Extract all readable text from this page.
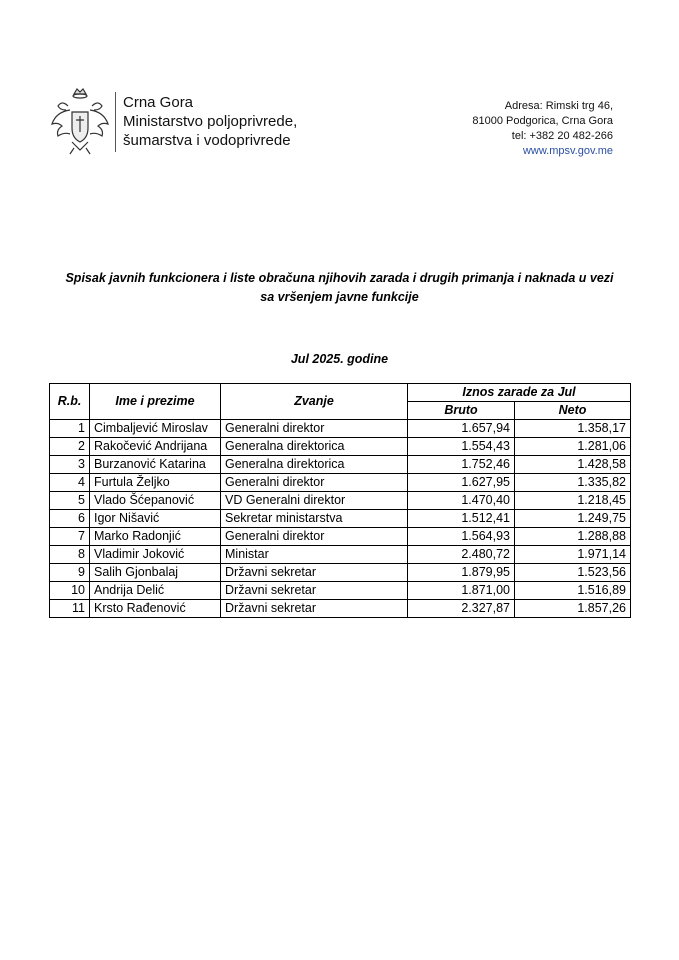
Crna Gora
Ministarstvo poljoprivrede,
šumarstva i vodoprivrede
Adresa: Rimski trg 46,
81000 Podgorica, Crna Gora
tel: +382 20 482-266
www.mpsv.gov.me
Spisak javnih funkcionera i liste obračuna njihovih zarada i drugih primanja i naknada u vezi
sa vršenjem javne funkcije
Jul 2025. godine
R.b.	Ime i prezime	Zvanje	Iznos zarade za Jul	
			Bruto	Neto
1	Cimbaljević Miroslav	Generalni direktor	1.657,94	1.358,17
2	Rakočević Andrijana	Generalna direktorica	1.554,43	1.281,06
3	Burzanović Katarina	Generalna direktorica	1.752,46	1.428,58
4	Furtula Željko	Generalni direktor	1.627,95	1.335,82
5	Vlado Šćepanović	VD Generalni direktor	1.470,40	1.218,45
6	Igor Nišavić	Sekretar ministarstva	1.512,41	1.249,75
7	Marko Radonjić	Generalni direktor	1.564,93	1.288,88
8	Vladimir Joković	Ministar	2.480,72	1.971,14
9	Salih Gjonbalaj	Državni sekretar	1.879,95	1.523,56
10	Andrija Delić	Državni sekretar	1.871,00	1.516,89
11	Krsto Rađenović	Državni sekretar	2.327,87	1.857,26
